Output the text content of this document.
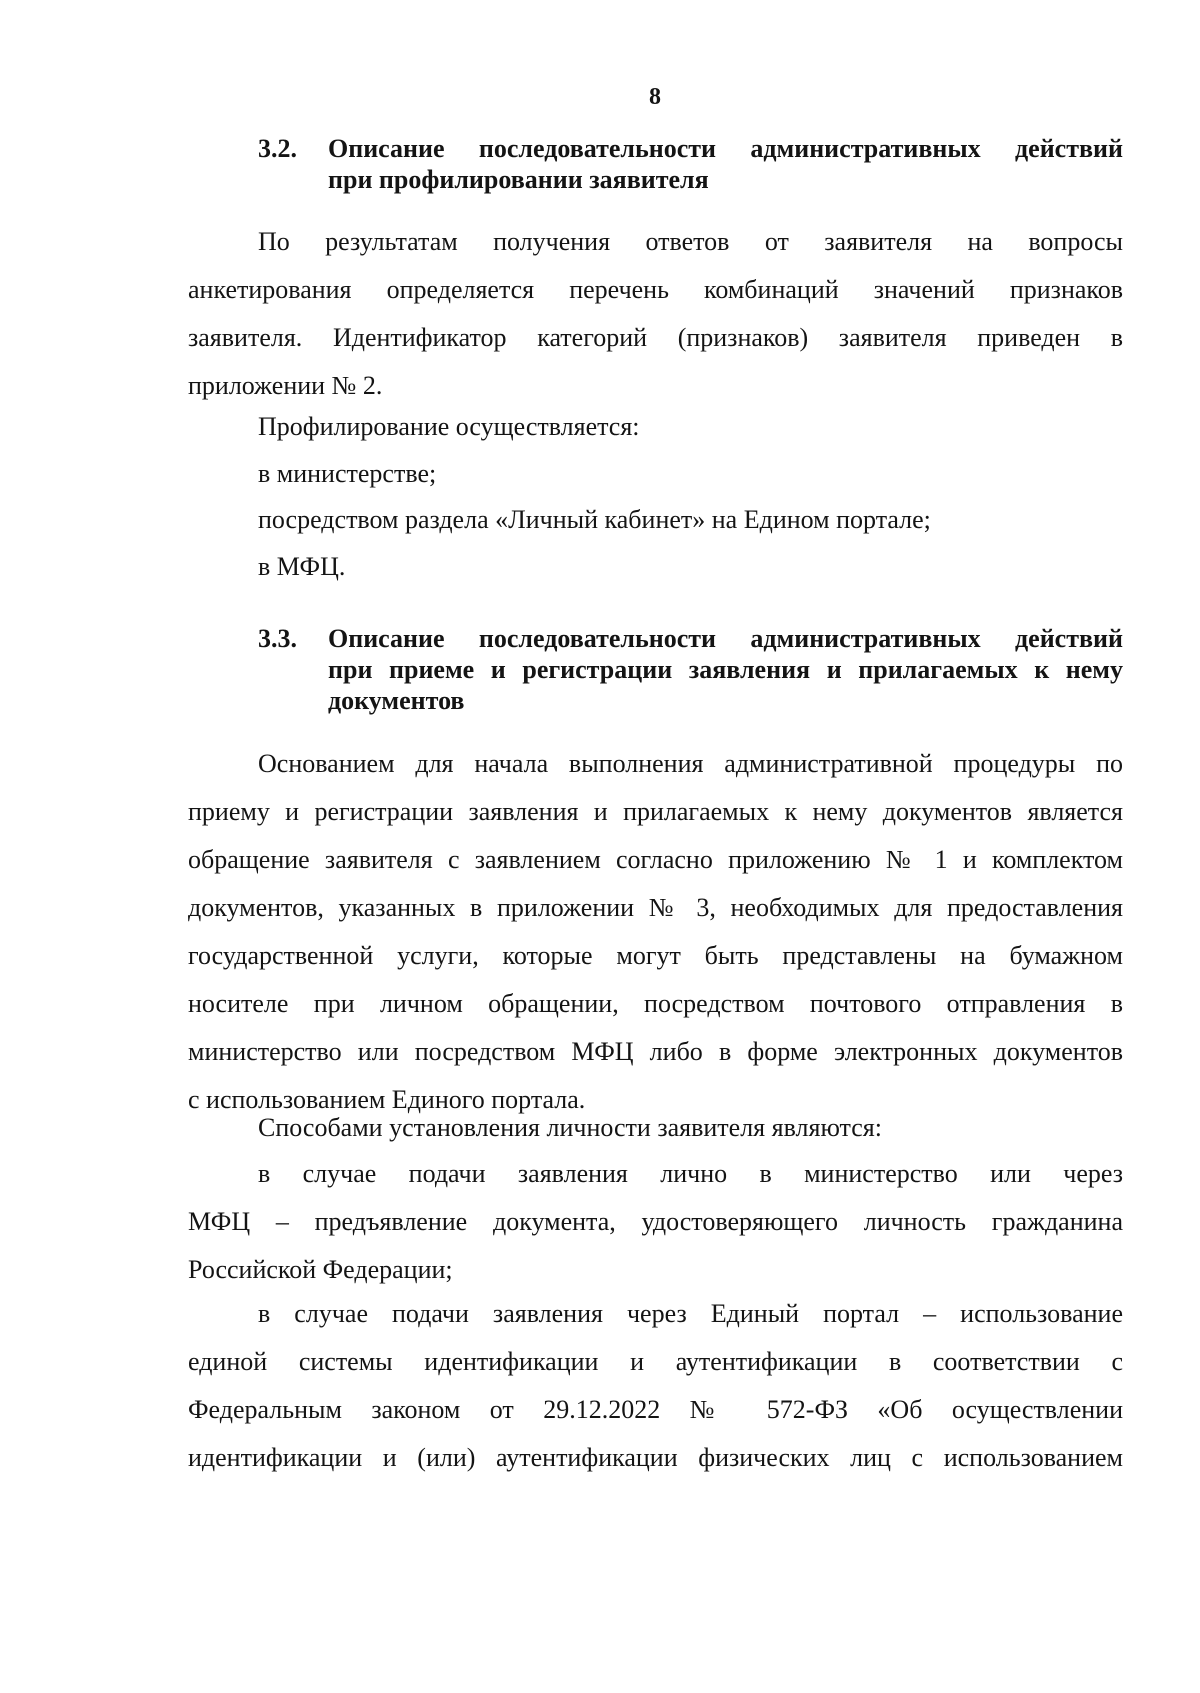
8
3.2. Описание последовательности административных действий
при профилировании заявителя
По результатам получения ответов от заявителя на вопросы
анкетирования определяется перечень комбинаций значений признаков
заявителя. Идентификатор категорий (признаков) заявителя приведен в
приложении № 2.
Профилирование осуществляется:
в министерстве;
посредством раздела «Личный кабинет» на Едином портале;
в МФЦ.
3.3. Описание последовательности административных действий
при приеме и регистрации заявления и прилагаемых к нему
документов
Основанием для начала выполнения административной процедуры по
приему и регистрации заявления и прилагаемых к нему документов является
обращение заявителя с заявлением согласно приложению № 1 и комплектом
документов, указанных в приложении № 3, необходимых для предоставления
государственной услуги, которые могут быть представлены на бумажном
носителе при личном обращении, посредством почтового отправления в
министерство или посредством МФЦ либо в форме электронных документов
с использованием Единого портала.
Способами установления личности заявителя являются:
в случае подачи заявления лично в министерство или через
МФЦ – предъявление документа, удостоверяющего личность гражданина
Российской Федерации;
в случае подачи заявления через Единый портал – использование
единой системы идентификации и аутентификации в соответствии с
Федеральным законом от 29.12.2022 № 572-ФЗ «Об осуществлении
идентификации и (или) аутентификации физических лиц с использованием
